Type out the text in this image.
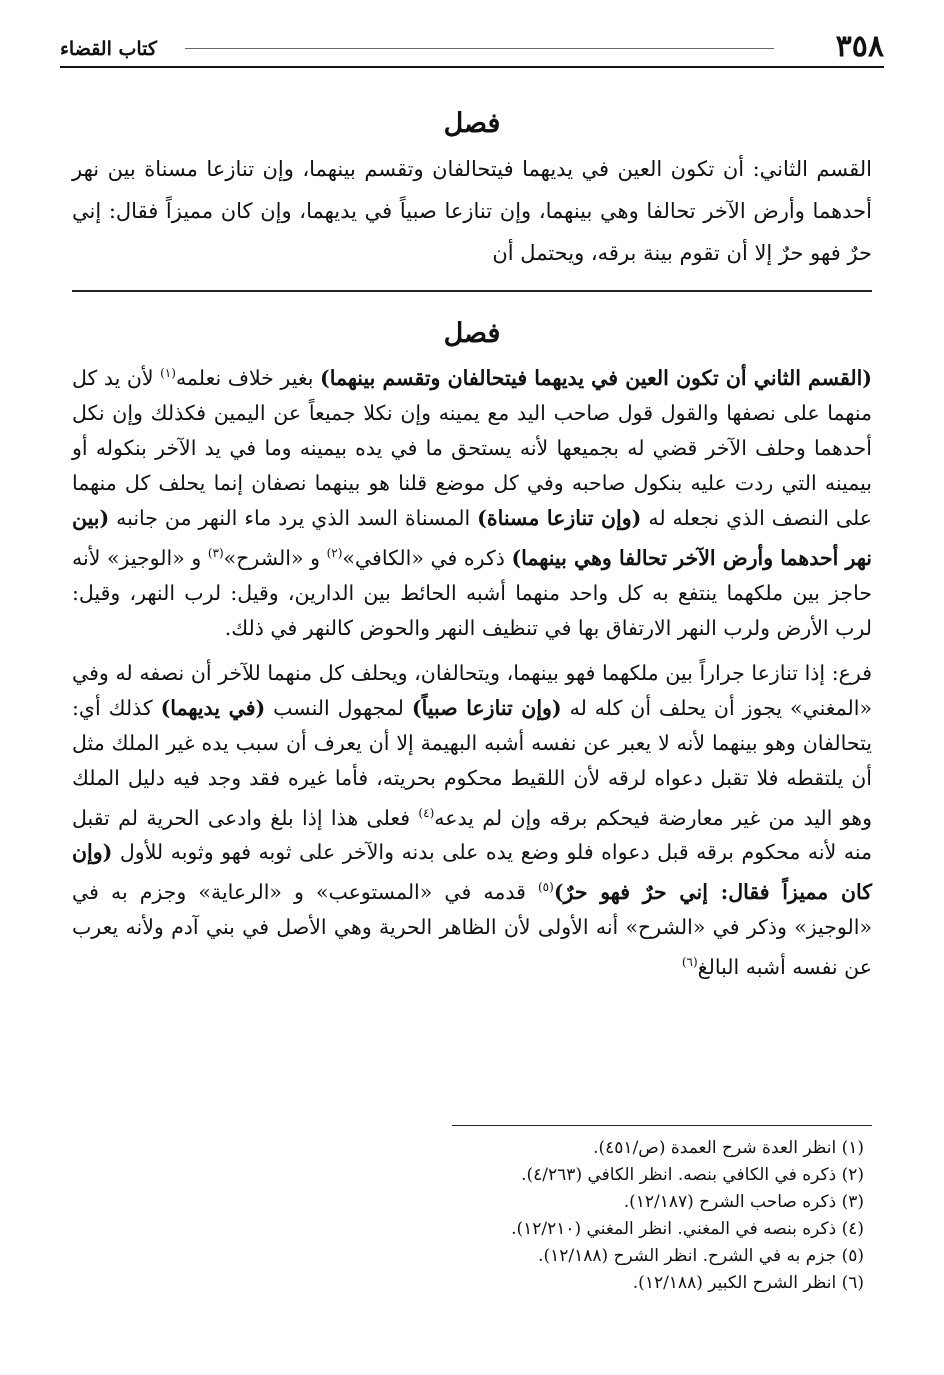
٣٥٨
كتاب القضاء
فصل
القسم الثاني: أن تكون العين في يديهما فيتحالفان وتقسم بينهما، وإن تنازعا مسناة بين نهر أحدهما وأرض الآخر تحالفا وهي بينهما، وإن تنازعا صبياً في يديهما، وإن كان مميزاً فقال: إني حرٌ فهو حرٌ إلا أن تقوم بينة برقه، ويحتمل أن
فصل

(القسم الثاني أن تكون العين في يديهما فيتحالفان وتقسم بينهما) بغير خلاف نعلمه$^{(١)}$ لأن يد كل منهما على نصفها والقول قول صاحب اليد مع يمينه وإن نكلا جميعاً عن اليمين فكذلك وإن نكل أحدهما وحلف الآخر قضي له بجميعها لأنه يستحق ما في يده بيمينه وما في يد الآخر بنكوله أو بيمينه التي ردت عليه بنكول صاحبه وفي كل موضع قلنا هو بينهما نصفان إنما يحلف كل منهما على النصف الذي نجعله له (وإن تنازعا مسناة) المسناة السد الذي يرد ماء النهر من جانبه (بين نهر أحدهما وأرض الآخر تحالفا وهي بينهما) ذكره في «الكافي»$^{(٢)}$ و «الشرح»$^{(٣)}$ و «الوجيز» لأنه حاجز بين ملكهما ينتفع به كل واحد منهما أشبه الحائط بين الدارين، وقيل: لرب النهر، وقيل: لرب الأرض ولرب النهر الارتفاق بها في تنظيف النهر والحوض كالنهر في ذلك.

فرع: إذا تنازعا جراراً بين ملكهما فهو بينهما، ويتحالفان، ويحلف كل منهما للآخر أن نصفه له وفي «المغني» يجوز أن يحلف أن كله له (وإن تنازعا صبياً) لمجهول النسب (في يديهما) كذلك أي: يتحالفان وهو بينهما لأنه لا يعبر عن نفسه أشبه البهيمة إلا أن يعرف أن سبب يده غير الملك مثل أن يلتقطه فلا تقبل دعواه لرقه لأن اللقيط محكوم بحريته، فأما غيره فقد وجد فيه دليل الملك وهو اليد من غير معارضة فيحكم برقه وإن لم يدعه$^{(٤)}$ فعلى هذا إذا بلغ وادعى الحرية لم تقبل منه لأنه محكوم برقه قبل دعواه فلو وضع يده على بدنه والآخر على ثوبه فهو وثوبه للأول (وإن كان مميزاً فقال: إني حرٌ فهو حرٌ)$^{(٥)}$ قدمه في «المستوعب» و «الرعاية» وجزم به في «الوجيز» وذكر في «الشرح» أنه الأولى لأن الظاهر الحرية وهي الأصل في بني آدم ولأنه يعرب عن نفسه أشبه البالغ$^{(٦)}$

(١) انظر العدة شرح العمدة (ص/٤٥١).
(٢) ذكره في الكافي بنصه. انظر الكافي (٤/٢٦٣).
(٣) ذكره صاحب الشرح (١٢/١٨٧).
(٤) ذكره بنصه في المغني. انظر المغني (١٢/٢١٠).
(٥) جزم به في الشرح. انظر الشرح (١٢/١٨٨).
(٦) انظر الشرح الكبير (١٢/١٨٨).
